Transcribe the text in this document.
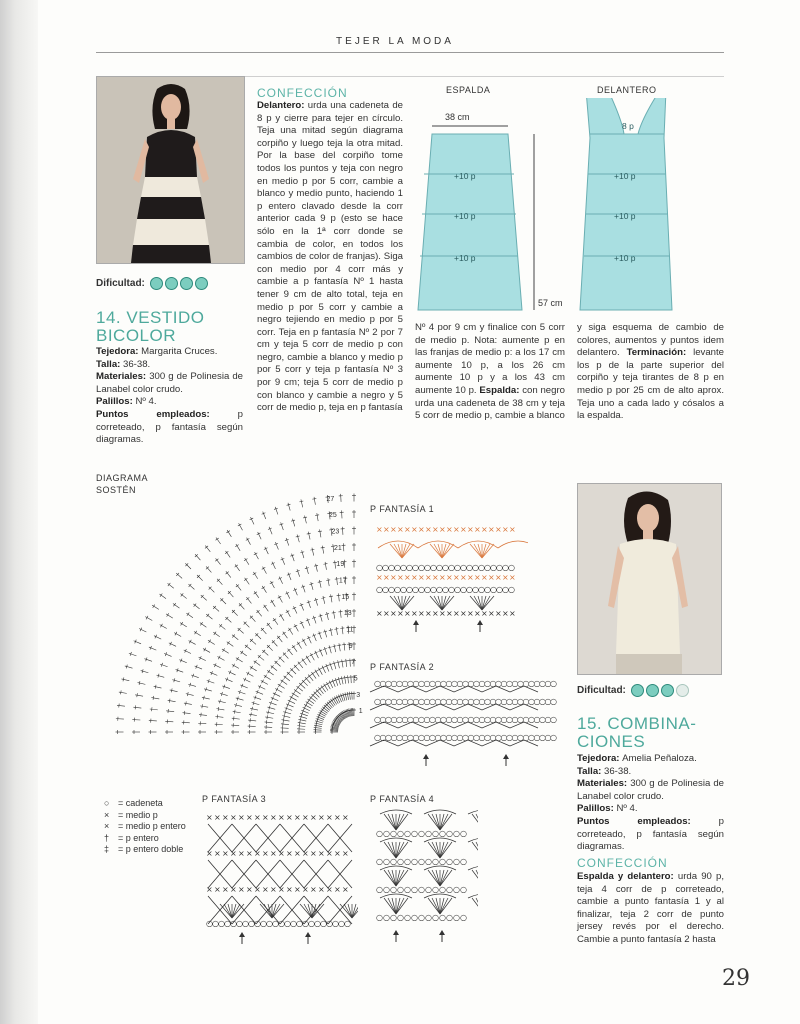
TEJER LA MODA
Dificultad:
14. VESTIDO
BICOLOR
Tejedora: Margarita Cruces.
Talla: 36-38.
Materiales: 300 g de Polinesia de Lanabel color crudo.
Palillos: Nº 4.
Puntos empleados: p correteado, p fantasía según diagramas.
CONFECCIÓN
Delantero: urda una cadeneta de 8 p y cierre para tejer en círculo. Teja una mitad según diagrama corpiño y luego teja la otra mitad. Por la base del corpiño tome todos los puntos y teja con negro en medio p por 5 corr, cambie a blanco y medio punto, haciendo 1 p entero clavado desde la corr anterior cada 9 p (esto se hace sólo en la 1ª corr donde se cambia de color, en todos los cambios de color de franjas). Siga con medio por 4 corr más y cambie a p fantasía Nº 1 hasta tener 9 cm de alto total, teja en medio p por 5 corr y cambie a negro tejiendo en medio p por 5 corr. Teja en p fantasía Nº 2 por 7 cm y teja 5 corr de medio p con negro, cambie a blanco y medio p por 5 corr y teja p fantasía Nº 3 por 9 cm; teja 5 corr de medio p con blanco y cambie a negro y 5 corr de medio p, teja en p fantasía
Nº 4 por 9 cm y finalice con 5 corr de medio p. Nota: aumente p en las franjas de medio p: a los 17 cm aumente 10 p, a los 26 cm aumente 10 p y a los 43 cm aumente 10 p. Espalda: con negro urda una cadeneta de 38 cm y teja 5 corr de medio p, cambie a blanco
y siga esquema de cambio de colores, aumentos y puntos idem delantero. Terminación: levante los p de la parte superior del corpiño y teja tirantes de 8 p en medio p por 25 cm de alto aprox. Teja uno a cada lado y cósalos a la espalda.
ESPALDA	DELANTERO
38 cm
+10 p
+10 p
+10 p
57 cm
8 p
+10 p
+10 p
+10 p
DIAGRAMA
SOSTÉN
27
25
23
21
19
17
15
13
11
9
7
5
3
1
P FANTASÍA 1
× × × × × × × × × × × × × × × × × × × ×
○ ○ ○ ○ ○ ○ ○ ○ ○ ○ ○ ○ ○ ○ ○ ○ ○ ○ ○ ○ ○ ○ ○
× × × × × × × × × × × × × × × × × × × ×
○ ○ ○ ○ ○ ○ ○ ○ ○ ○ ○ ○ ○ ○ ○ ○ ○ ○ ○ ○ ○ ○ ○
× × × × × × × × × × × × × × × × × × × ×
P FANTASÍA 2
○
○
○
○
○
○
○
○
○
○
○
○
○
○
○
○
○
○
○
○
○
○
○
○
○
○
○
○
○
○
○
○
○
○
○
○
○
○
○
○
○
○
○
○
○
○
○
○
○
○
○
○
○
○
○
○
○
○
○
○
○
○
○
○
○
○
○
○
○
○
○
○
○
○
○
○
○
○
○
○
○
○
○
○
○
○
○
○
○
○
○
○
○
○
○
○
○
○
○
○
○
○
○
○
○
○
○
○
○
○
○
○
○
○
○
○
○
○
○
○
○
○
○
○
○
○
○
○
○
○
○
○
P FANTASÍA 3
× × × × × × × × × × × × × × × × × ×
× × × × × × × × × × × × × × × × × ×
× × × × × × × × × × × × × × × × × ×
○ ○ ○ ○ ○ ○ ○ ○ ○ ○ ○ ○ ○ ○ ○ ○ ○ ○ ○ ○ ○ ○ ○ ○
P FANTASÍA 4
○ ○ ○ ○ ○ ○ ○ ○ ○ ○ ○ ○ ○
○ ○ ○ ○ ○ ○ ○ ○ ○ ○ ○ ○ ○
○ ○ ○ ○ ○ ○ ○ ○ ○ ○ ○ ○ ○
○ ○ ○ ○ ○ ○ ○ ○ ○ ○ ○ ○ ○
○ = cadeneta
× = medio p
× = medio p entero
† = p entero
‡ = p entero doble
Dificultad:
15. COMBINA-
CIONES
Tejedora: Amelia Peñaloza.
Talla: 36-38.
Materiales: 300 g de Polinesia de Lanabel color crudo.
Palillos: Nº 4.
Puntos empleados: p correteado, p fantasía según diagramas.
CONFECCIÓN
Espalda y delantero: urda 90 p, teja 4 corr de p correteado, cambie a punto fantasía 1 y al finalizar, teja 2 corr de punto jersey revés por el derecho. Cambie a punto fantasía 2 hasta
29
